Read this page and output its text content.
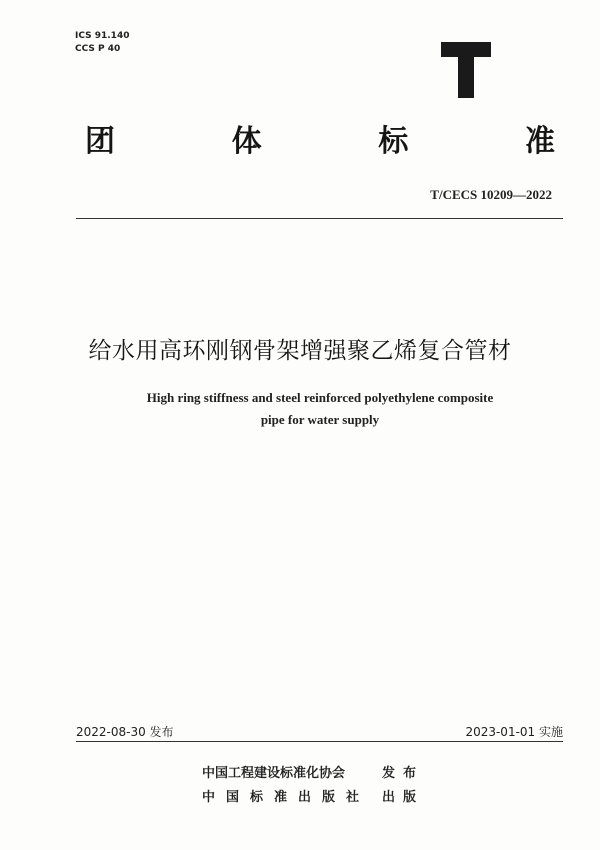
ICS 91.140
CCS P 40
团	体	标	准
T/CECS 10209—2022
给水用高环刚钢骨架增强聚乙烯复合管材
High ring stiffness and steel reinforced polyethylene composite
pipe for water supply
2022-08-30 发布	2023-01-01 实施
中国工程建设标准化协会	发布
中国标准出版社 出版
